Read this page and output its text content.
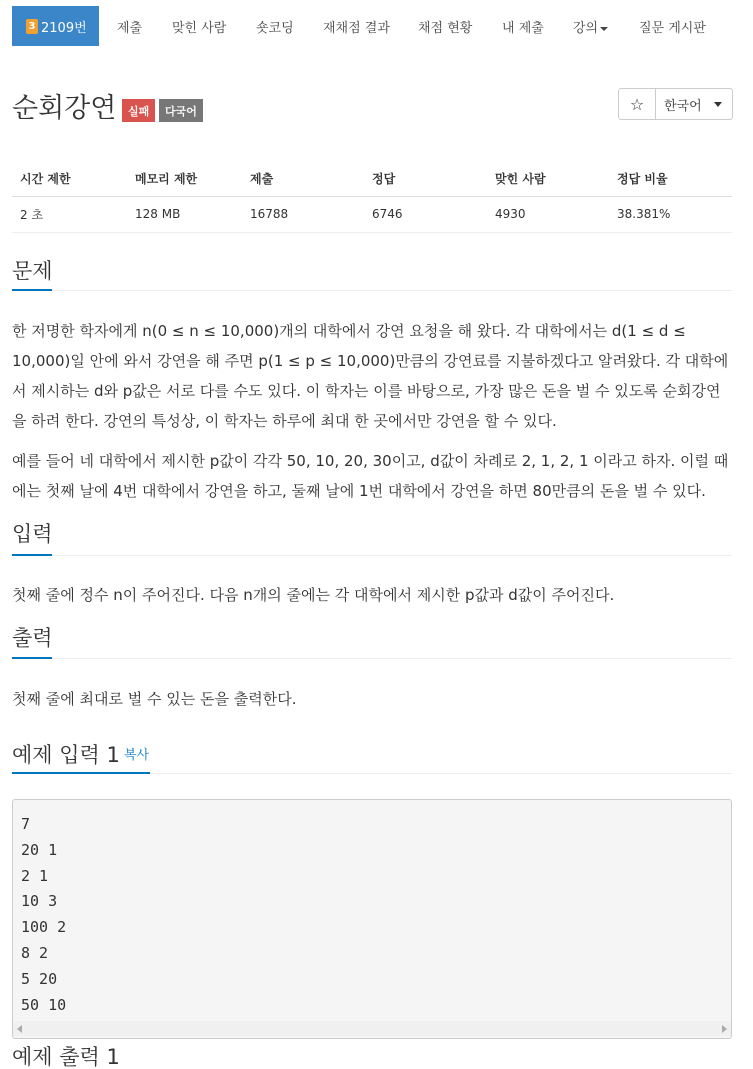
3 2109번 제출 맞힌 사람 숏코딩 재채점 결과 채점 현황 내 제출 강의	질문 게시판
순회강연	실패	다국어	☆ 한국어
시간 제한	메모리 제한	제출	정답	맞힌 사람	정답 비율
2 초	128 MB	16788	6746	4930	38.381%
문제
한 저명한 학자에게 n(0 ≤ n ≤ 10,000)개의 대학에서 강연 요청을 해 왔다. 각 대학에서는 d(1 ≤ d ≤ 10,000)일 안에 와서 강연을 해 주면 p(1 ≤ p ≤ 10,000)만큼의 강연료를 지불하겠다고 알려왔다. 각 대학에서 제시하는 d와 p값은 서로 다를 수도 있다. 이 학자는 이를 바탕으로, 가장 많은 돈을 벌 수 있도록 순회강연을 하려 한다. 강연의 특성상, 이 학자는 하루에 최대 한 곳에서만 강연을 할 수 있다.
예를 들어 네 대학에서 제시한 p값이 각각 50, 10, 20, 30이고, d값이 차례로 2, 1, 2, 1 이라고 하자. 이럴 때에는 첫째 날에 4번 대학에서 강연을 하고, 둘째 날에 1번 대학에서 강연을 하면 80만큼의 돈을 벌 수 있다.
입력
첫째 줄에 정수 n이 주어진다. 다음 n개의 줄에는 각 대학에서 제시한 p값과 d값이 주어진다.
출력
첫째 줄에 최대로 벌 수 있는 돈을 출력한다.
예제 입력 1 복사
7
20 1
2 1
10 3
100 2
8 2
5 20
50 10
예제 출력 1
